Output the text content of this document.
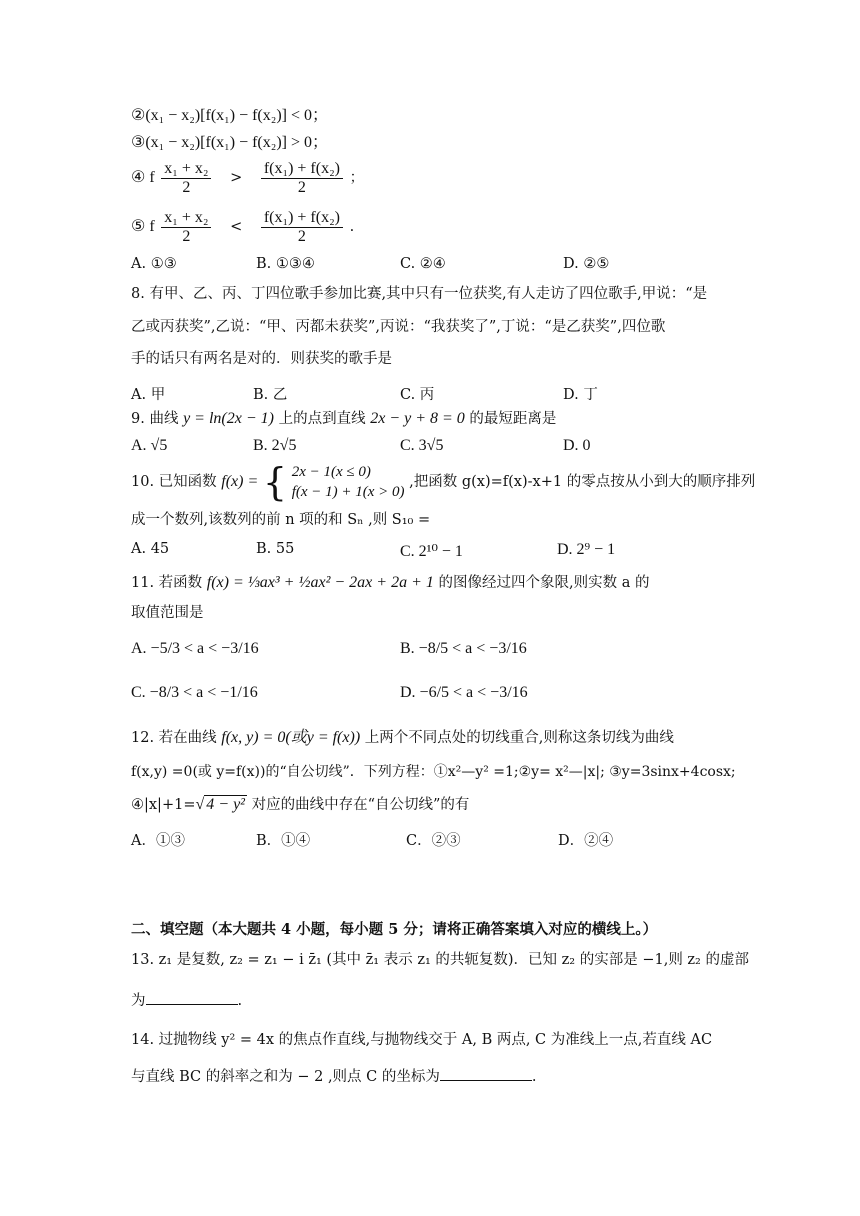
②(x₁ − x₂)[f(x₁) − f(x₂)] < 0；
③(x₁ − x₂)[f(x₁) − f(x₂)] > 0；
④ f $\frac{\text{x₁ + x₂}}{2} > \frac{\text{f(x₁) + f(x₂)}}{2}$ ；
⑤ f $\frac{\text{x₁ + x₂}}{2} < \frac{\text{f(x₁) + f(x₂)}}{2}$ .
A. ①③	B. ①③④	C. ②④	D. ②⑤
8. 有甲、乙、丙、丁四位歌手参加比赛,其中只有一位获奖,有人走访了四位歌手,甲说：“是
乙或丙获奖”,乙说：“甲、丙都未获奖”,丙说：“我获奖了”,丁说：“是乙获奖”,四位歌
手的话只有两名是对的．则获奖的歌手是
A. 甲	B. 乙	C. 丙	D. 丁
9. 曲线 y = ln(2x − 1) 上的点到直线 2x − y + 8 = 0 的最短距离是
A. √5	B. 2√5	C. 3√5	D. 0
10. 已知函数 f(x) = { 2x − 1(x ≤ 0)
f(x − 1) + 1(x > 0)
,把函数 g(x)=f(x)-x+1 的零点按从小到大的顺序排列
成一个数列,该数列的前 n 项的和 Sₙ ,则 S₁₀ =
A. 45	B. 55	C. 2¹⁰ − 1	D. 2⁹ − 1
11. 若函数 f(x) = ⅓ax³ + ½ax² − 2ax + 2a + 1 的图像经过四个象限,则实数 a 的
取值范围是
A. −5/3 < a < −3/16	B. −8/5 < a < −3/16
C. −8/3 < a < −1/16	D. −6/5 < a < −3/16
12. 若在曲线 f(x, y) = 0(或y = f(x)) 上两个不同点处的切线重合,则称这条切线为曲线
f(x,y) =0(或 y=f(x))的“自公切线”．下列方程：①x²—y² =1;②y= x²—|x|; ③y=3sinx+4cosx;
④|x|+1=√ 4 − y² 对应的曲线中存在“自公切线”的有
A．①③	B．①④	C．②③	D．②④
二、填空题（本大题共 4 小题，每小题 5 分；请将正确答案填入对应的横线上。）
13. z₁ 是复数, z₂ = z₁ − i z̄₁ (其中 z̄₁ 表示 z₁ 的共轭复数)．已知 z₂ 的实部是 −1,则 z₂ 的虚部
为	.
14. 过抛物线 y² = 4x 的焦点作直线,与抛物线交于 A, B 两点, C 为准线上一点,若直线 AC
与直线 BC 的斜率之和为 − 2 ,则点 C 的坐标为	.
